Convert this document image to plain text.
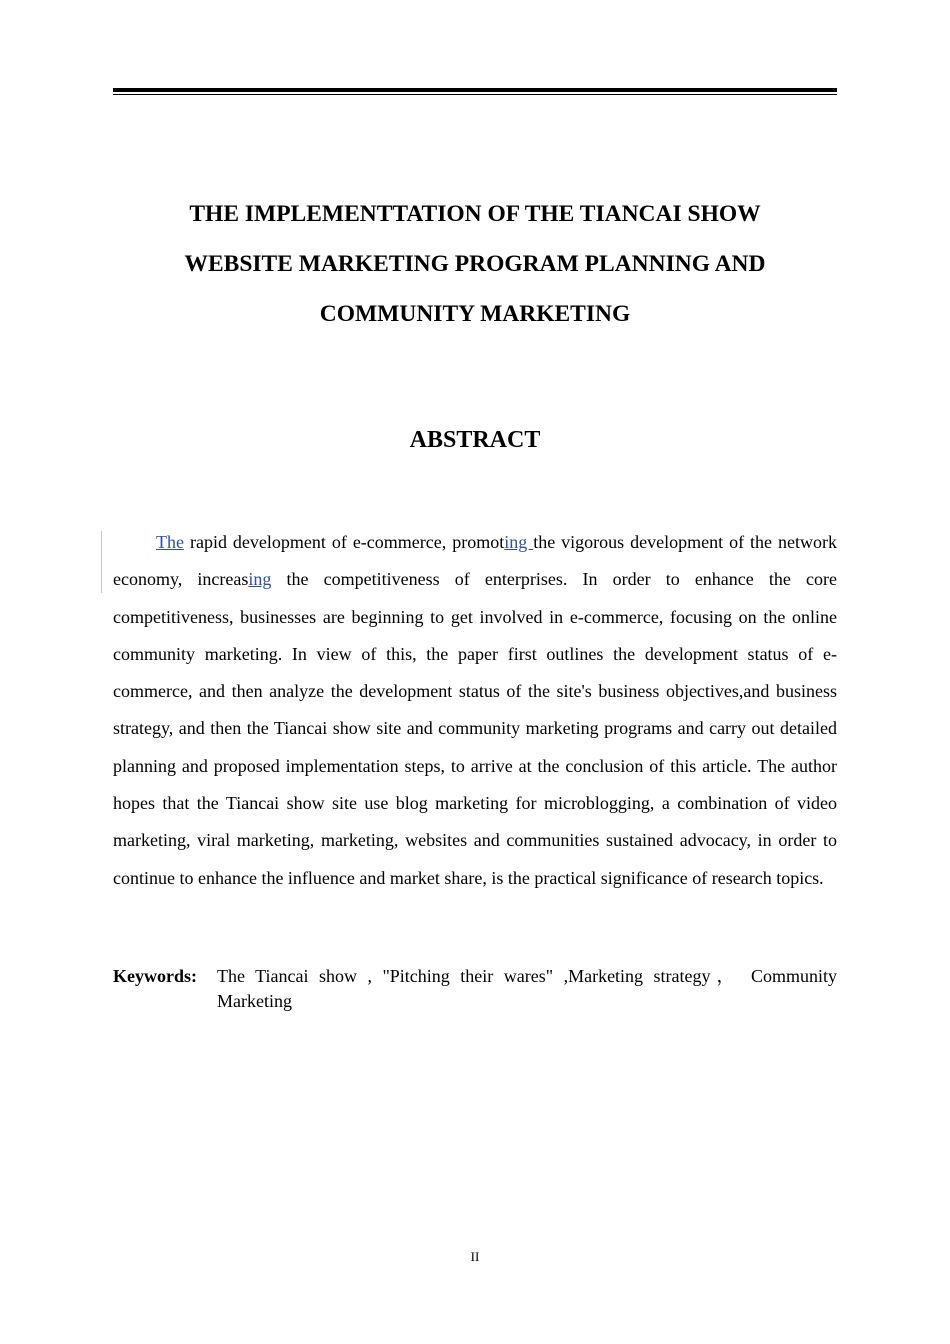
THE IMPLEMENTTATION OF THE TIANCAI SHOW
WEBSITE MARKETING PROGRAM PLANNING AND
COMMUNITY MARKETING
ABSTRACT

The rapid development of e-commerce, promoting the vigorous development of the network economy, increasing the competitiveness of enterprises. In order to enhance the core competitiveness, businesses are beginning to get involved in e-commerce, focusing on the online community marketing. In view of this, the paper first outlines the development status of e-commerce, and then analyze the development status of the site's business objectives,and business strategy, and then the Tiancai show site and community marketing programs and carry out detailed planning and proposed implementation steps, to arrive at the conclusion of this article. The author hopes that the Tiancai show site use blog marketing for microblogging, a combination of video marketing, viral marketing, marketing, websites and communities sustained advocacy, in order to continue to enhance the influence and market share, is the practical significance of research topics.

Keywords: The Tiancai show , "Pitching their wares" ,Marketing strategy， Community Marketing
II
